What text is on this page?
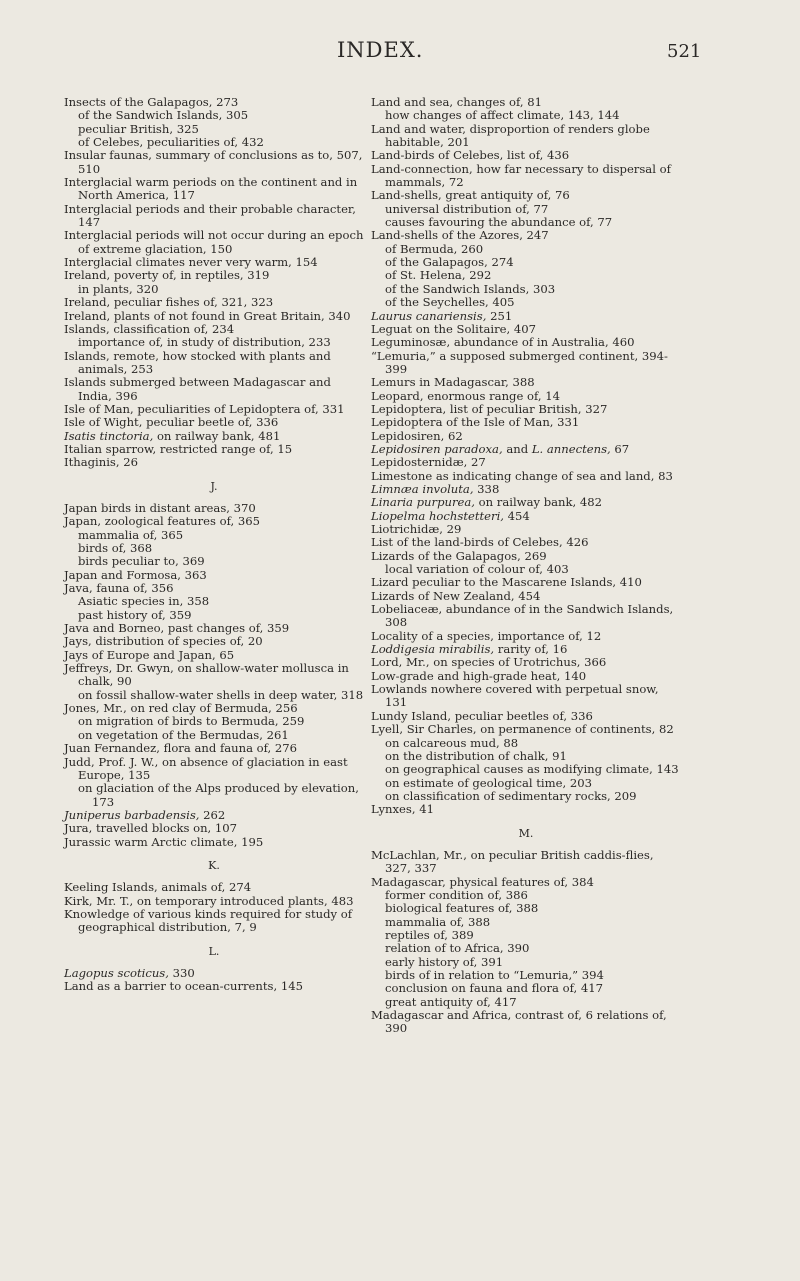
INDEX.	521
Insects of the Galapagos, 273
of the Sandwich Islands, 305
peculiar British, 325
of Celebes, peculiarities of, 432
Insular faunas, summary of conclusions as to, 507, 510
Interglacial warm periods on the continent and in North America, 117
Interglacial periods and their probable character, 147
Interglacial periods will not occur during an epoch of extreme glaciation, 150
Interglacial climates never very warm, 154
Ireland, poverty of, in reptiles, 319
in plants, 320
Ireland, peculiar fishes of, 321, 323
Ireland, plants of not found in Great Britain, 340
Islands, classification of, 234
importance of, in study of distribution, 233
Islands, remote, how stocked with plants and animals, 253
Islands submerged between Madagascar and India, 396
Isle of Man, peculiarities of Lepidoptera of, 331
Isle of Wight, peculiar beetle of, 336
Isatis tinctoria, on railway bank, 481
Italian sparrow, restricted range of, 15
Ithaginis, 26
J.
Japan birds in distant areas, 370
Japan, zoological features of, 365
mammalia of, 365
birds of, 368
birds peculiar to, 369
Japan and Formosa, 363
Java, fauna of, 356
Asiatic species in, 358
past history of, 359
Java and Borneo, past changes of, 359
Jays, distribution of species of, 20
Jays of Europe and Japan, 65
Jeffreys, Dr. Gwyn, on shallow-water mollusca in chalk, 90
on fossil shallow-water shells in deep water, 318
Jones, Mr., on red clay of Bermuda, 256
on migration of birds to Bermuda, 259
on vegetation of the Bermudas, 261
Juan Fernandez, flora and fauna of, 276
Judd, Prof. J. W., on absence of glaciation in east Europe, 135
on glaciation of the Alps produced by elevation, 173
Juniperus barbadensis, 262
Jura, travelled blocks on, 107
Jurassic warm Arctic climate, 195
K.
Keeling Islands, animals of, 274
Kirk, Mr. T., on temporary introduced plants, 483
Knowledge of various kinds required for study of geographical distribution, 7, 9
L.
Lagopus scoticus, 330
Land as a barrier to ocean-currents, 145
Land and sea, changes of, 81
how changes of affect climate, 143, 144
Land and water, disproportion of renders globe habitable, 201
Land-birds of Celebes, list of, 436
Land-connection, how far necessary to dispersal of mammals, 72
Land-shells, great antiquity of, 76
universal distribution of, 77
causes favouring the abundance of, 77
Land-shells of the Azores, 247
of Bermuda, 260
of the Galapagos, 274
of St. Helena, 292
of the Sandwich Islands, 303
of the Seychelles, 405
Laurus canariensis, 251
Leguat on the Solitaire, 407
Leguminosæ, abundance of in Australia, 460
“Lemuria,” a supposed submerged continent, 394-399
Lemurs in Madagascar, 388
Leopard, enormous range of, 14
Lepidoptera, list of peculiar British, 327
Lepidoptera of the Isle of Man, 331
Lepidosiren, 62
Lepidosiren paradoxa, and L. annectens, 67
Lepidosternidæ, 27
Limestone as indicating change of sea and land, 83
Limnæa involuta, 338
Linaria purpurea, on railway bank, 482
Liopelma hochstetteri, 454
Liotrichidæ, 29
List of the land-birds of Celebes, 426
Lizards of the Galapagos, 269
local variation of colour of, 403
Lizard peculiar to the Mascarene Islands, 410
Lizards of New Zealand, 454
Lobeliaceæ, abundance of in the Sandwich Islands, 308
Locality of a species, importance of, 12
Loddigesia mirabilis, rarity of, 16
Lord, Mr., on species of Urotrichus, 366
Low-grade and high-grade heat, 140
Lowlands nowhere covered with perpetual snow, 131
Lundy Island, peculiar beetles of, 336
Lyell, Sir Charles, on permanence of continents, 82
on calcareous mud, 88
on the distribution of chalk, 91
on geographical causes as modifying climate, 143
on estimate of geological time, 203
on classification of sedimentary rocks, 209
Lynxes, 41
M.
McLachlan, Mr., on peculiar British caddis-flies, 327, 337
Madagascar, physical features of, 384
former condition of, 386
biological features of, 388
mammalia of, 388
reptiles of, 389
relation of to Africa, 390
early history of, 391
birds of in relation to “Lemuria,” 394
conclusion on fauna and flora of, 417
great antiquity of, 417
Madagascar and Africa, contrast of, 6 relations of, 390
